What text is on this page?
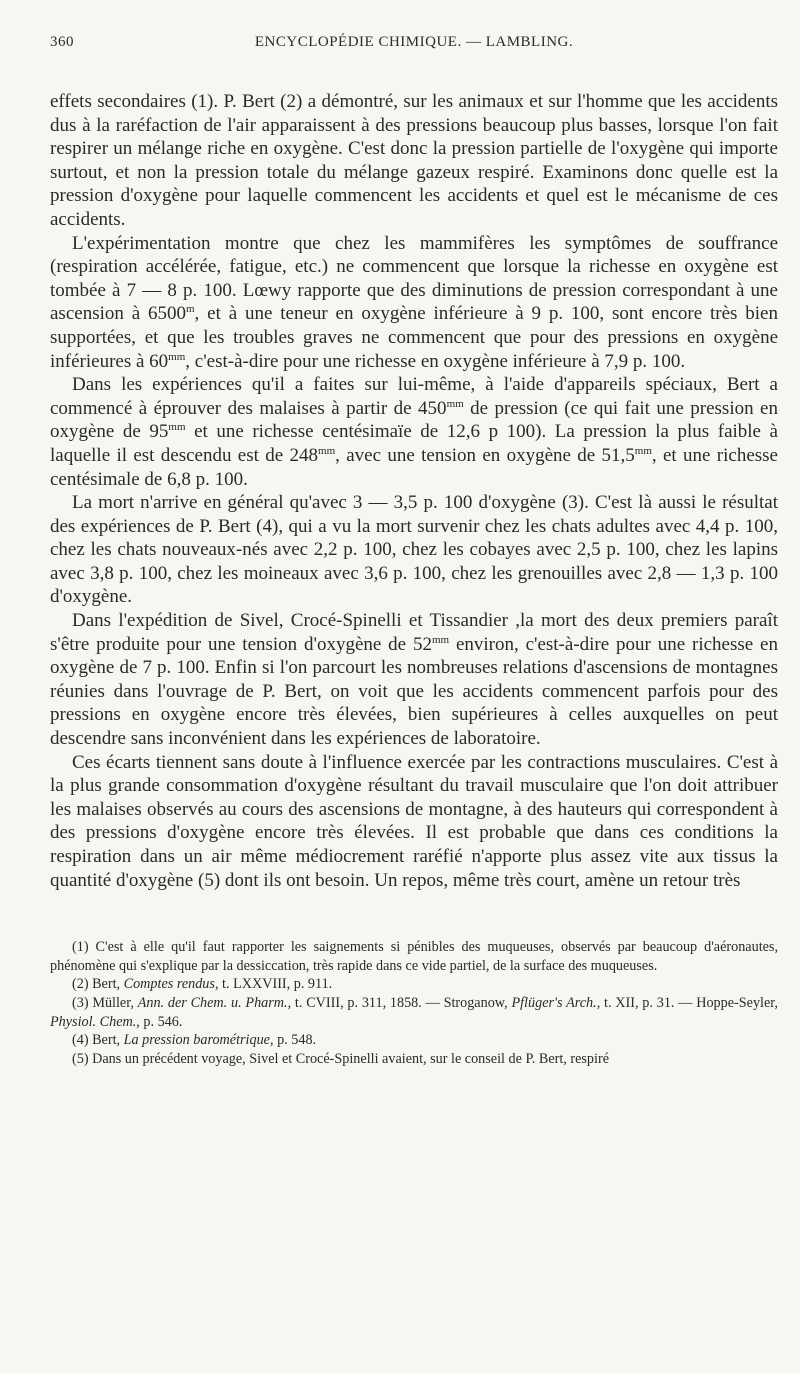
360	ENCYCLOPÉDIE CHIMIQUE. — LAMBLING.

effets secondaires (1). P. Bert (2) a démontré, sur les animaux et sur l'homme que les accidents dus à la raréfaction de l'air apparaissent à des pressions beaucoup plus basses, lorsque l'on fait respirer un mélange riche en oxygène. C'est donc la pression partielle de l'oxygène qui importe surtout, et non la pression totale du mélange gazeux respiré. Examinons donc quelle est la pression d'oxygène pour laquelle commencent les accidents et quel est le mécanisme de ces accidents.

L'expérimentation montre que chez les mammifères les symptômes de souffrance (respiration accélérée, fatigue, etc.) ne commencent que lorsque la richesse en oxygène est tombée à 7 — 8 p. 100. Lœwy rapporte que des diminutions de pression correspondant à une ascension à 6500$^m$, et à une teneur en oxygène inférieure à 9 p. 100, sont encore très bien supportées, et que les troubles graves ne commencent que pour des pressions en oxygène inférieures à $60^{mm}$, c'est-à-dire pour une richesse en oxygène inférieure à 7,9 p. 100.

Dans les expériences qu'il a faites sur lui-même, à l'aide d'appareils spéciaux, Bert a commencé à éprouver des malaises à partir de $450^{mm}$ de pression (ce qui fait une pression en oxygène de $95^{mm}$ et une richesse centésimaïe de 12,6 p 100). La pression la plus faible à laquelle il est descendu est de $248^{mm}$, avec une tension en oxygène de $51,5^{mm}$, et une richesse centésimale de 6,8 p. 100.

La mort n'arrive en général qu'avec 3 — 3,5 p. 100 d'oxygène (3). C'est là aussi le résultat des expériences de P. Bert (4), qui a vu la mort survenir chez les chats adultes avec 4,4 p. 100, chez les chats nouveaux-nés avec 2,2 p. 100, chez les cobayes avec 2,5 p. 100, chez les lapins avec 3,8 p. 100, chez les moineaux avec 3,6 p. 100, chez les grenouilles avec 2,8 — 1,3 p. 100 d'oxygène.

Dans l'expédition de Sivel, Crocé-Spinelli et Tissandier ,la mort des deux premiers paraît s'être produite pour une tension d'oxygène de $52^{mm}$ environ, c'est-à-dire pour une richesse en oxygène de 7 p. 100. Enfin si l'on parcourt les nombreuses relations d'ascensions de montagnes réunies dans l'ouvrage de P. Bert, on voit que les accidents commencent parfois pour des pressions en oxygène encore très élevées, bien supérieures à celles auxquelles on peut descendre sans inconvénient dans les expériences de laboratoire.

Ces écarts tiennent sans doute à l'influence exercée par les contractions musculaires. C'est à la plus grande consommation d'oxygène résultant du travail musculaire que l'on doit attribuer les malaises observés au cours des ascensions de montagne, à des hauteurs qui correspondent à des pressions d'oxygène encore très élevées. Il est probable que dans ces conditions la respiration dans un air même médiocrement raréfié n'apporte plus assez vite aux tissus la quantité d'oxygène (5) dont ils ont besoin. Un repos, même très court, amène un retour très

(1) C'est à elle qu'il faut rapporter les saignements si pénibles des muqueuses, observés par beaucoup d'aéronautes, phénomène qui s'explique par la dessiccation, très rapide dans ce vide partiel, de la surface des muqueuses.

(2) Bert, Comptes rendus, t. LXXVIII, p. 911.

(3) Müller, Ann. der Chem. u. Pharm., t. CVIII, p. 311, 1858. — Stroganow, Pflüger's Arch., t. XII, p. 31. — Hoppe-Seyler, Physiol. Chem., p. 546.

(4) Bert, La pression barométrique, p. 548.

(5) Dans un précédent voyage, Sivel et Crocé-Spinelli avaient, sur le conseil de P. Bert, respiré
